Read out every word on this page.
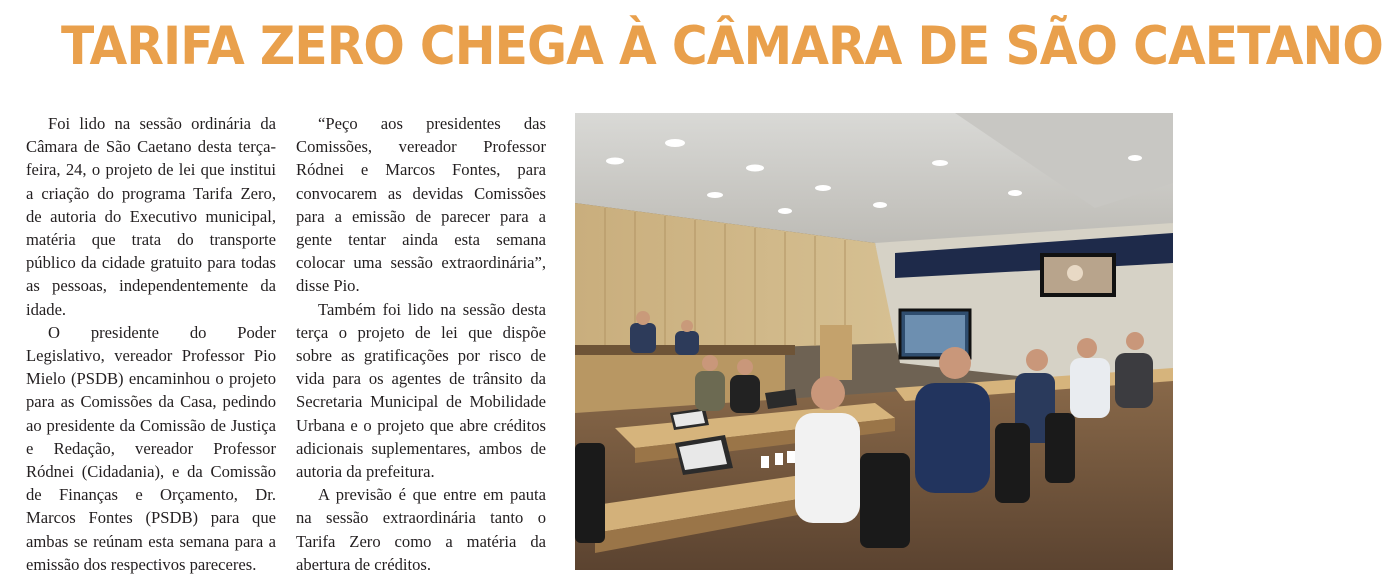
TARIFA ZERO CHEGA À CÂMARA DE SÃO CAETANO

Foi lido na sessão ordinária da Câmara de São Caetano desta terça-feira, 24, o projeto de lei que institui a criação do programa Tarifa Zero, de autoria do Executivo municipal, matéria que trata do transporte público da cidade gratuito para todas as pessoas, independentemente da idade.

O presidente do Poder Legislativo, vereador Professor Pio Mielo (PSDB) encaminhou o projeto para as Comissões da Casa, pedindo ao presidente da Comissão de Justiça e Redação, vereador Professor Ródnei (Cidadania), e da Comissão de Finanças e Orçamento, Dr. Marcos Fontes (PSDB) para que ambas se reúnam esta semana para a emissão dos respectivos pareceres.

“Peço aos presidentes das Comissões, vereador Professor Ródnei e Marcos Fontes, para convocarem as devidas Comissões para a emissão de parecer para a gente tentar ainda esta semana colocar uma sessão extraordinária”, disse Pio.

Também foi lido na sessão desta terça o projeto de lei que dispõe sobre as gratificações por risco de vida para os agentes de trânsito da Secretaria Municipal de Mobilidade Urbana e o projeto que abre créditos adicionais suplementares, ambos de autoria da prefeitura.

A previsão é que entre em pauta na sessão extraordinária tanto o Tarifa Zero como a matéria da abertura de créditos.
